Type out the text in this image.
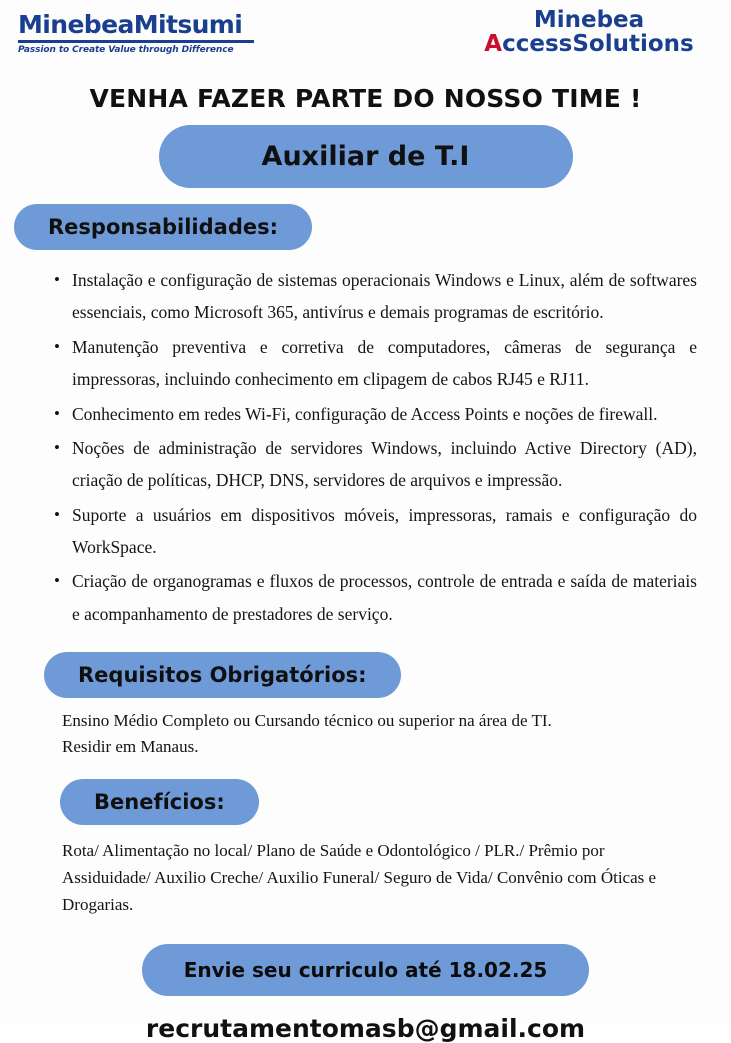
MinebeaMitsumi
Passion to Create Value through Difference
Minebea
AccessSolutions
VENHA FAZER PARTE DO NOSSO TIME !
Auxiliar de T.I
Responsabilidades:
• Instalação e configuração de sistemas operacionais Windows e Linux, além de softwares essenciais, como Microsoft 365, antivírus e demais programas de escritório.
• Manutenção preventiva e corretiva de computadores, câmeras de segurança e impressoras, incluindo conhecimento em clipagem de cabos RJ45 e RJ11.
• Conhecimento em redes Wi-Fi, configuração de Access Points e noções de firewall.
• Noções de administração de servidores Windows, incluindo Active Directory (AD), criação de políticas, DHCP, DNS, servidores de arquivos e impressão.
• Suporte a usuários em dispositivos móveis, impressoras, ramais e configuração do WorkSpace.
• Criação de organogramas e fluxos de processos, controle de entrada e saída de materiais e acompanhamento de prestadores de serviço.
Requisitos Obrigatórios:
Ensino Médio Completo ou Cursando técnico ou superior na área de TI.
Residir em Manaus.
Benefícios:
Rota/ Alimentação no local/ Plano de Saúde e Odontológico / PLR./ Prêmio por Assiduidade/ Auxilio Creche/ Auxilio Funeral/ Seguro de Vida/ Convênio com Óticas e Drogarias.
Envie seu curriculo até 18.02.25
recrutamentomasb@gmail.com
